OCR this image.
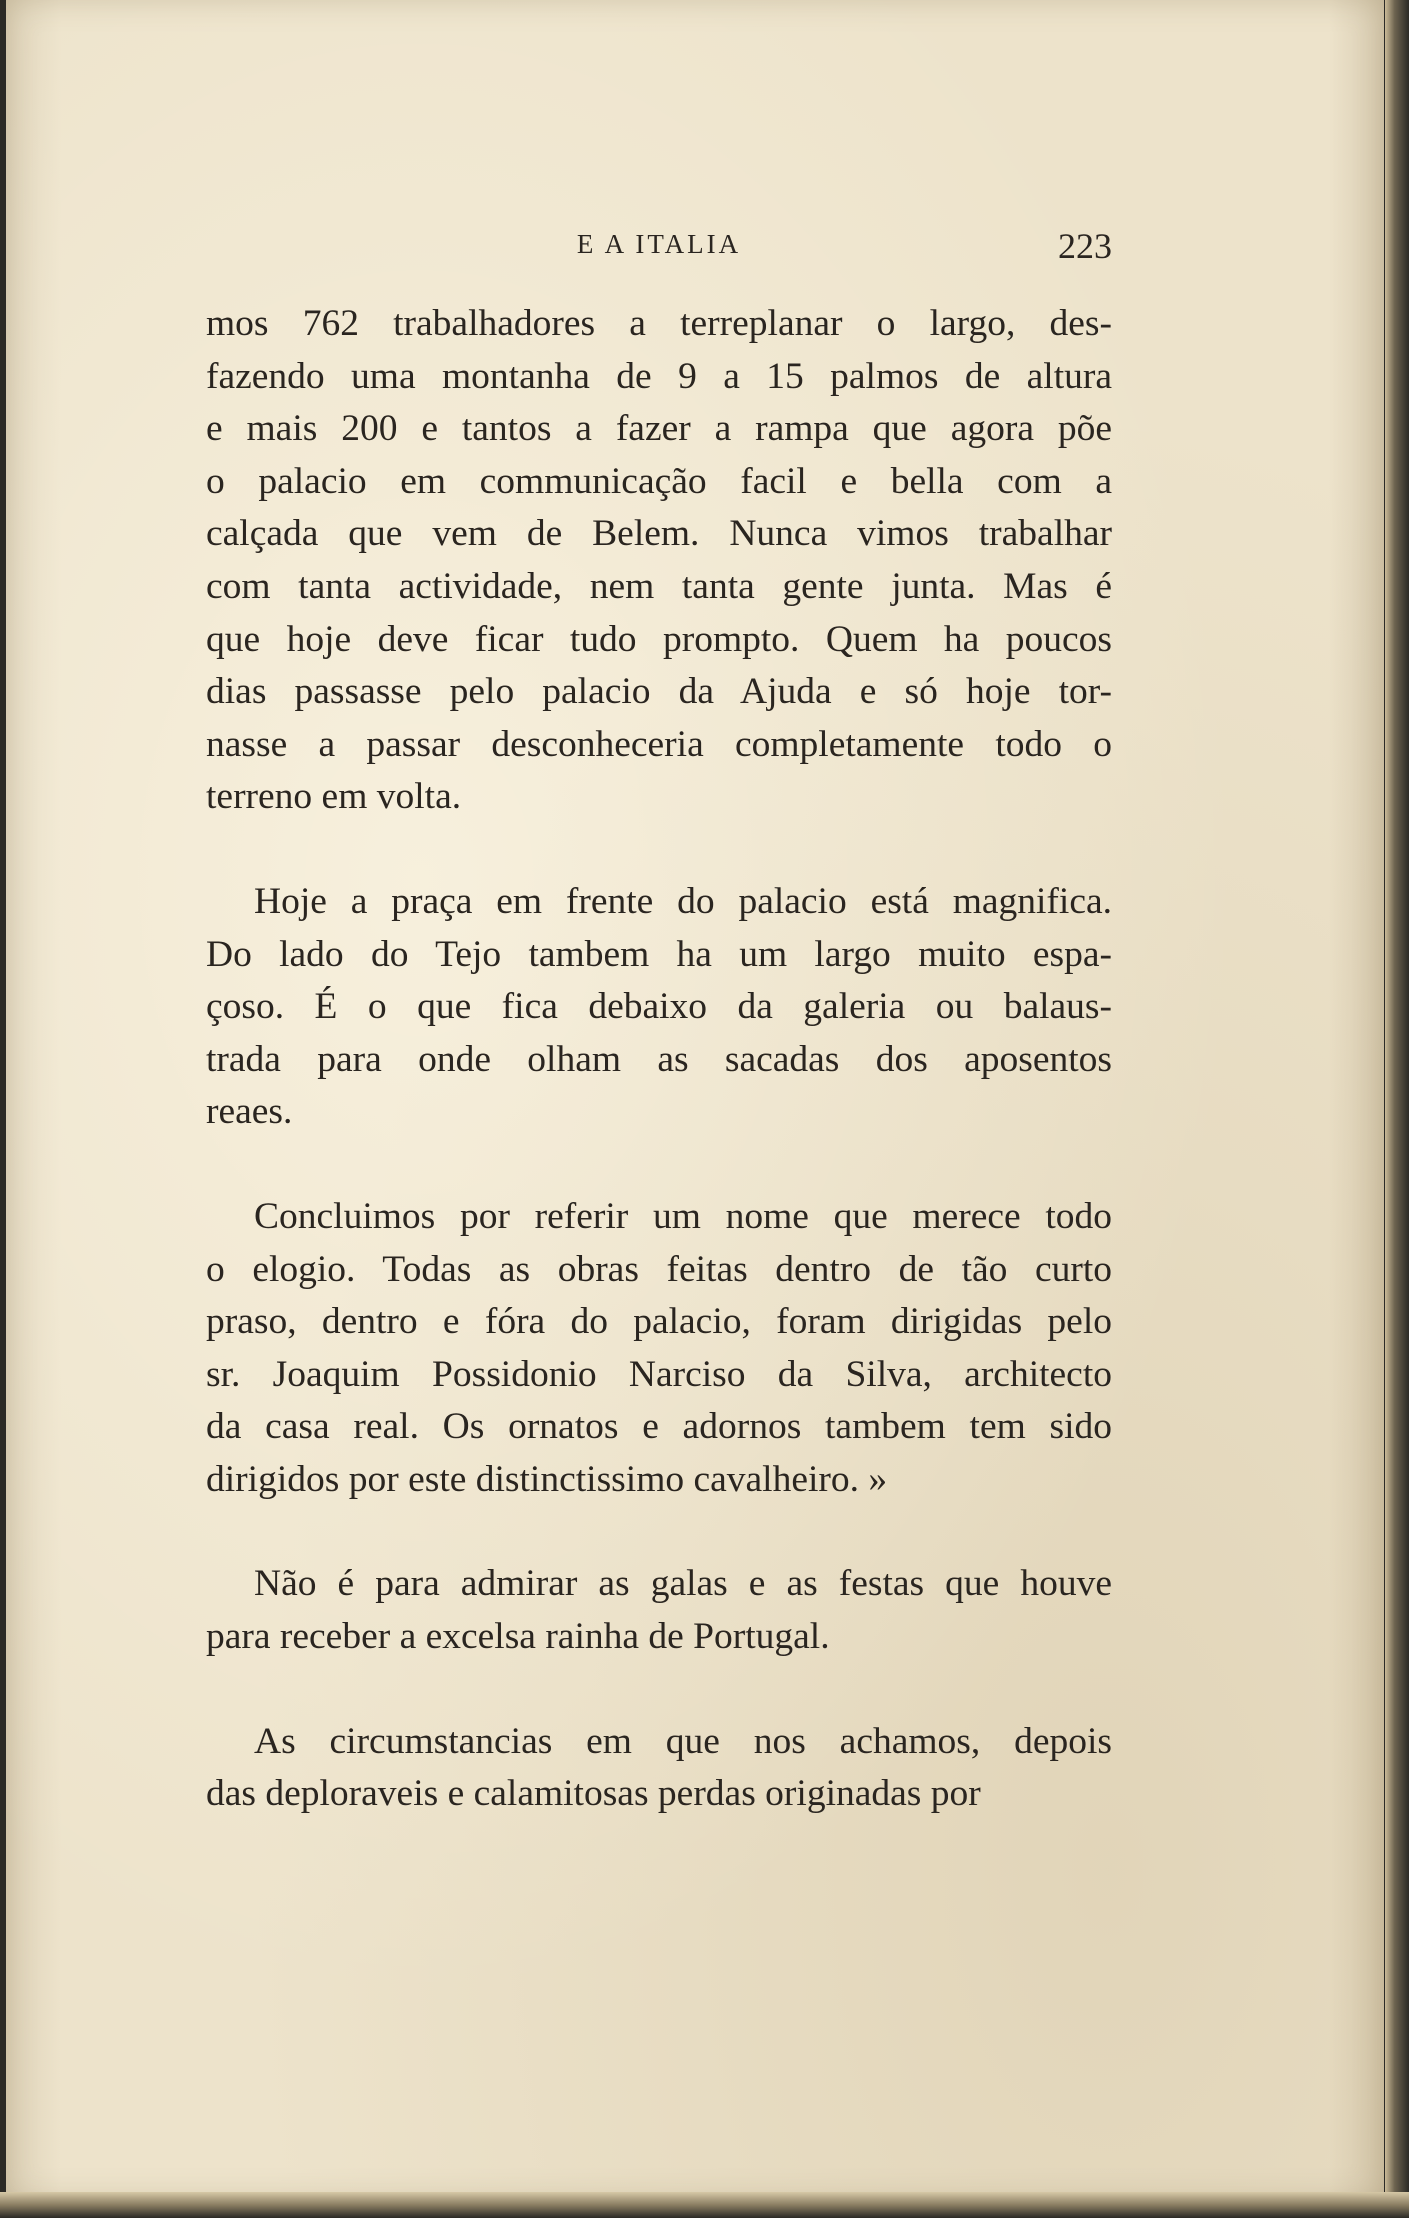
E A ITALIA	223

mos 762 trabalhadores a terreplanar o largo, des-
fazendo uma montanha de 9 a 15 palmos de altura
e mais 200 e tantos a fazer a rampa que agora põe
o palacio em communicação facil e bella com a
calçada que vem de Belem. Nunca vimos trabalhar
com tanta actividade, nem tanta gente junta. Mas é
que hoje deve ficar tudo prompto. Quem ha poucos
dias passasse pelo palacio da Ajuda e só hoje tor-
nasse a passar desconheceria completamente todo o
terreno em volta.

Hoje a praça em frente do palacio está magnifica.
Do lado do Tejo tambem ha um largo muito espa-
çoso. É o que fica debaixo da galeria ou balaus-
trada para onde olham as sacadas dos aposentos
reaes.

Concluimos por referir um nome que merece todo
o elogio. Todas as obras feitas dentro de tão curto
praso, dentro e fóra do palacio, foram dirigidas pelo
sr. Joaquim Possidonio Narciso da Silva, architecto
da casa real. Os ornatos e adornos tambem tem sido
dirigidos por este distinctissimo cavalheiro. »

Não é para admirar as galas e as festas que houve
para receber a excelsa rainha de Portugal.

As circumstancias em que nos achamos, depois
das deploraveis e calamitosas perdas originadas por
